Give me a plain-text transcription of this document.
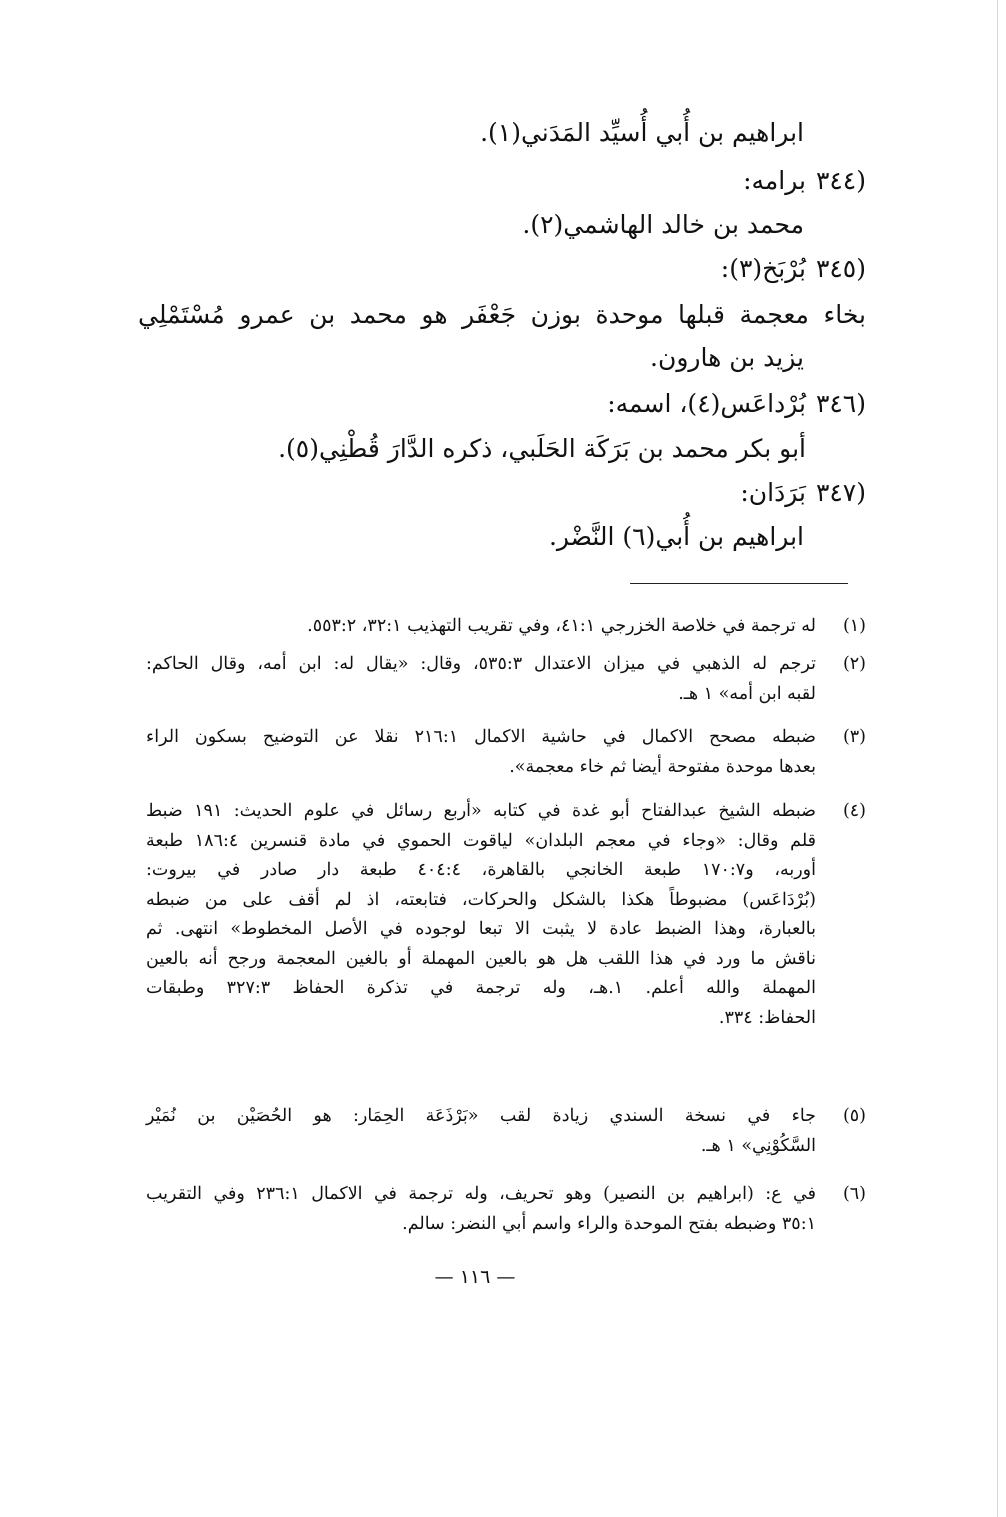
ابراهيم بن أُبي أُسيِّد المَدَني(١).
٣٤٤)
برامه:
محمد بن خالد الهاشمي(٢).
٣٤٥)
بُرْبَخ(٣):
بخاء معجمة قبلها موحدة بوزن جَعْفَر هو محمد بن عمرو مُسْتَمْلِي
يزيد بن هارون.
٣٤٦)
بُرْداعَس(٤)، اسمه:
أبو بكر محمد بن بَرَكَة الحَلَبي، ذكره الدَّارَ قُطْنِي(٥).
٣٤٧)
بَرَدَان:
ابراهيم بن أُبي(٦) النَّضْر.
(١)
له ترجمة في خلاصة الخزرجي ٤١:١، وفي تقريب التهذيب ٣٢:١، ٥٥٣:٢.
(٢)
ترجم له الذهبي في ميزان الاعتدال ٥٣٥:٣، وقال: «يقال له: ابن أمه، وقال الحاكم:
لقبه ابن أمه» ١ هـ.
(٣)
ضبطه مصحح الاكمال في حاشية الاكمال ٢١٦:١ نقلا عن التوضيح بسكون الراء
بعدها موحدة مفتوحة أيضا ثم خاء معجمة».
(٤)
ضبطه الشيخ عبدالفتاح أبو غدة في كتابه «أربع رسائل في علوم الحديث: ١٩١ ضبط
قلم وقال: «وجاء في معجم البلدان» لياقوت الحموي في مادة قنسرين ١٨٦:٤ طبعة
أوربه، و١٧٠:٧ طبعة الخانجي بالقاهرة، ٤٠٤:٤ طبعة دار صادر في بيروت:
(بُرْدَاعَس) مضبوطاً هكذا بالشكل والحركات، فتابعته، اذ لم أقف على من ضبطه
بالعبارة، وهذا الضبط عادة لا يثبت الا تبعا لوجوده في الأصل المخطوط» انتهى. ثم
ناقش ما ورد في هذا اللقب هل هو بالعين المهملة أو بالغين المعجمة ورجح أنه بالعين
المهملة والله أعلم. ١.هـ، وله ترجمة في تذكرة الحفاظ ٣٢٧:٣ وطبقات
الحفاظ: ٣٣٤.
(٥)
جاء في نسخة السندي زيادة لقب «بَرْذَعَة الحِمَار: هو الحُصَيْن بن نُمَيْر
السَّكُوْنِي» ١ هـ.
(٦)
في ع: (ابراهيم بن النصير) وهو تحريف، وله ترجمة في الاكمال ٢٣٦:١ وفي التقريب
٣٥:١ وضبطه بفتح الموحدة والراء واسم أبي النضر: سالم.
— ١١٦ —
